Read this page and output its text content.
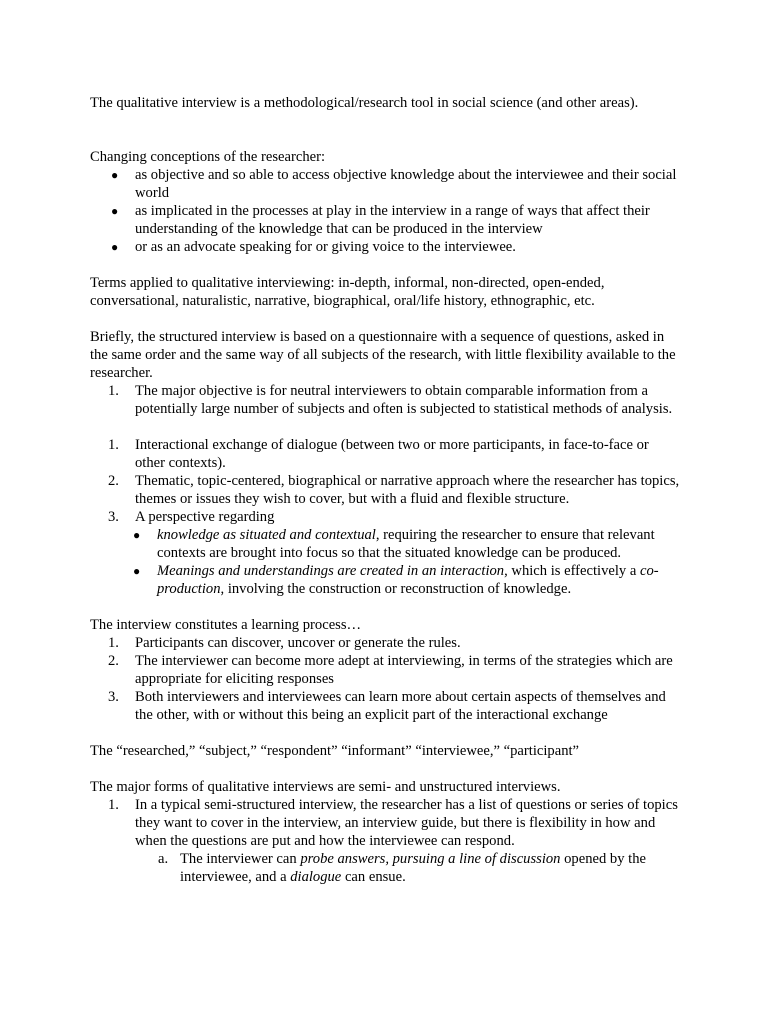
The qualitative interview is a methodological/research tool in social science (and other areas).

Changing conceptions of the researcher:

●	as objective and so able to access objective knowledge about the interviewee and their social world
●	as implicated in the processes at play in the interview in a range of ways that affect their understanding of the knowledge that can be produced in the interview
●	or as an advocate speaking for or giving voice to the interviewee.

Terms applied to qualitative interviewing: in-depth, informal, non-directed, open-ended, conversational, naturalistic, narrative, biographical, oral/life history, ethnographic, etc.

Briefly, the structured interview is based on a questionnaire with a sequence of questions, asked in the same order and the same way of all subjects of the research, with little flexibility available to the researcher.

1.	The major objective is for neutral interviewers to obtain comparable information from a potentially large number of subjects and often is subjected to statistical methods of analysis.
1.	Interactional exchange of dialogue (between two or more participants, in face-to-face or other contexts).
2.	Thematic, topic-centered, biographical or narrative approach where the researcher has topics, themes or issues they wish to cover, but with a fluid and flexible structure.
3.	A perspective regarding
●	knowledge as situated and contextual, requiring the researcher to ensure that relevant contexts are brought into focus so that the situated knowledge can be produced.
●	Meanings and understandings are created in an interaction, which is effectively a co-production, involving the construction or reconstruction of knowledge.

The interview constitutes a learning process…

1.	Participants can discover, uncover or generate the rules.
2.	The interviewer can become more adept at interviewing, in terms of the strategies which are appropriate for eliciting responses
3.	Both interviewers and interviewees can learn more about certain aspects of themselves and the other, with or without this being an explicit part of the interactional exchange

The “researched,” “subject,” “respondent” “informant” “interviewee,” “participant”

The major forms of qualitative interviews are semi- and unstructured interviews.

1.	In a typical semi-structured interview, the researcher has a list of questions or series of topics they want to cover in the interview, an interview guide, but there is flexibility in how and when the questions are put and how the interviewee can respond.
a. The interviewer can probe answers, pursuing a line of discussion opened by the interviewee, and a dialogue can ensue.
